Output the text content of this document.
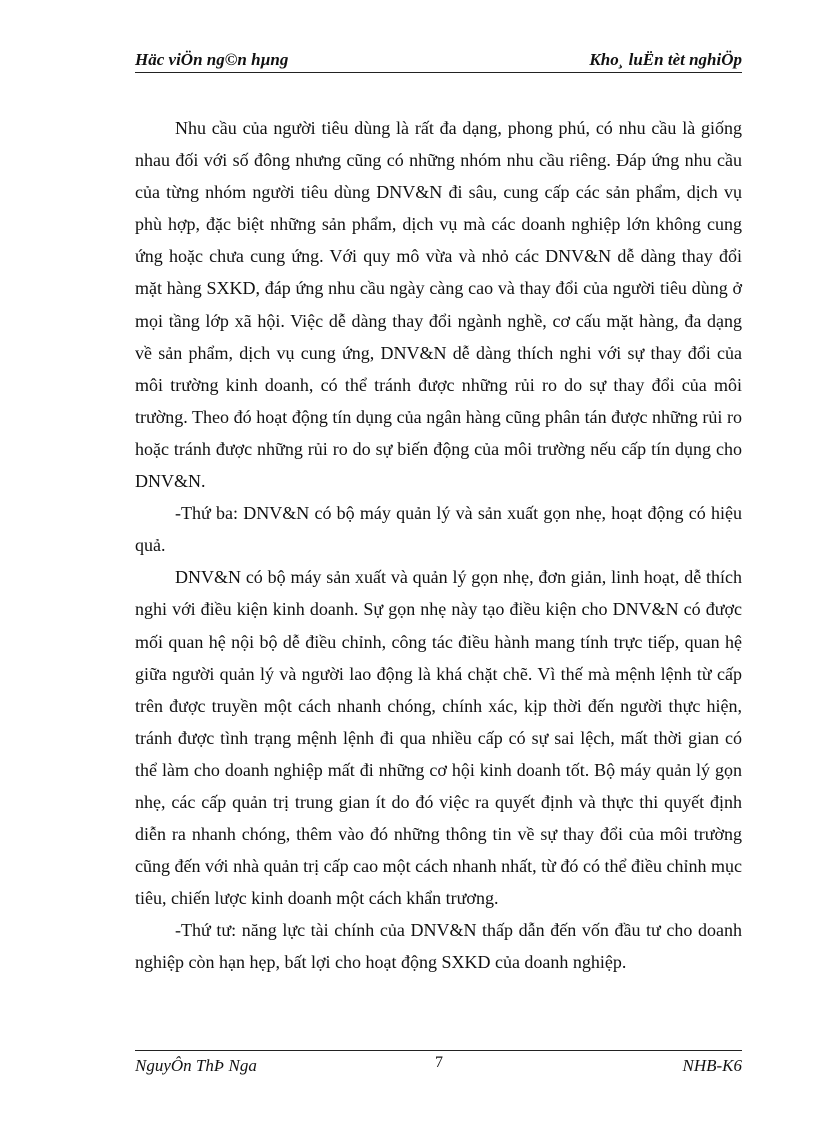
Häc viÖn ng©n hµng	Kho¸ luËn tèt nghiÖp

Nhu cầu của người tiêu dùng là rất đa dạng, phong phú, có nhu cầu là giống nhau đối với số đông nhưng cũng có những nhóm nhu cầu riêng. Đáp ứng nhu cầu của từng nhóm người tiêu dùng DNV&N đi sâu, cung cấp các sản phẩm, dịch vụ phù hợp, đặc biệt những sản phẩm, dịch vụ mà các doanh nghiệp lớn không cung ứng hoặc chưa cung ứng. Với quy mô vừa và nhỏ các DNV&N dễ dàng thay đổi mặt hàng SXKD, đáp ứng nhu cầu ngày càng cao và thay đổi của người tiêu dùng ở mọi tầng lớp xã hội. Việc dễ dàng thay đổi ngành nghề, cơ cấu mặt hàng, đa dạng về sản phẩm, dịch vụ cung ứng, DNV&N dễ dàng thích nghi với sự thay đổi của môi trường kinh doanh, có thể tránh được những rủi ro do sự thay đổi của môi trường. Theo đó hoạt động tín dụng của ngân hàng cũng phân tán được những rủi ro hoặc tránh được những rủi ro do sự biến động của môi trường nếu cấp tín dụng cho DNV&N.

-Thứ ba: DNV&N có bộ máy quản lý và sản xuất gọn nhẹ, hoạt động có hiệu quả.

DNV&N có bộ máy sản xuất và quản lý gọn nhẹ, đơn giản, linh hoạt, dễ thích nghi với điều kiện kinh doanh. Sự gọn nhẹ này tạo điều kiện cho DNV&N có được mối quan hệ nội bộ dễ điều chỉnh, công tác điều hành mang tính trực tiếp, quan hệ giữa người quản lý và người lao động là khá chặt chẽ. Vì thế mà mệnh lệnh từ cấp trên được truyền một cách nhanh chóng, chính xác, kịp thời đến người thực hiện, tránh được tình trạng mệnh lệnh đi qua nhiều cấp có sự sai lệch, mất thời gian có thể làm cho doanh nghiệp mất đi những cơ hội kinh doanh tốt. Bộ máy quản lý gọn nhẹ, các cấp quản trị trung gian ít do đó việc ra quyết định và thực thi quyết định diễn ra nhanh chóng, thêm vào đó những thông tin về sự thay đổi của môi trường cũng đến với nhà quản trị cấp cao một cách nhanh nhất, từ đó có thể điều chỉnh mục tiêu, chiến lược kinh doanh một cách khẩn trương.

-Thứ tư: năng lực tài chính của DNV&N thấp dẫn đến vốn đầu tư cho doanh nghiệp còn hạn hẹp, bất lợi cho hoạt động SXKD của doanh nghiệp.

NguyÔn ThÞ Nga	7	NHB-K6
